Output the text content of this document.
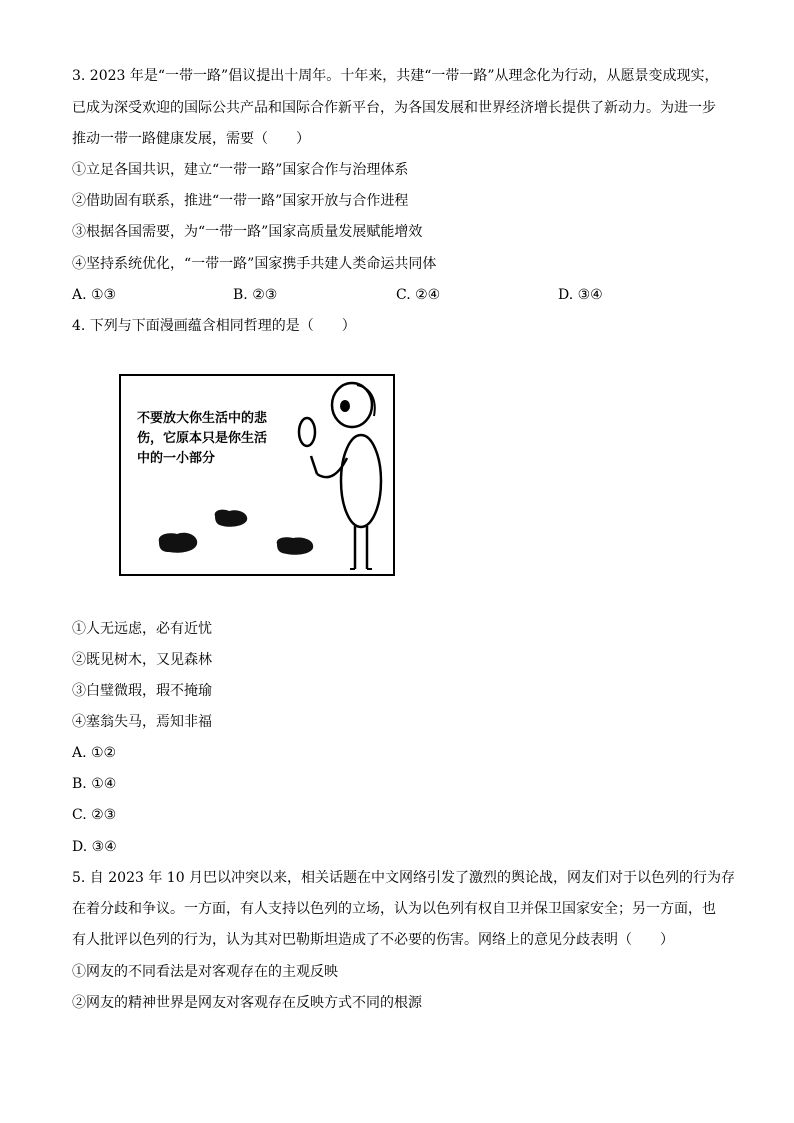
3. 2023 年是“一带一路”倡议提出十周年。十年来，共建“一带一路”从理念化为行动，从愿景变成现实，
已成为深受欢迎的国际公共产品和国际合作新平台，为各国发展和世界经济增长提供了新动力。为进一步
推动一带一路健康发展，需要（　　）
①立足各国共识，建立“一带一路”国家合作与治理体系
②借助固有联系，推进“一带一路”国家开放与合作进程
③根据各国需要，为“一带一路”国家高质量发展赋能增效
④坚持系统优化，“一带一路”国家携手共建人类命运共同体
A. ①③	B. ②③	C. ②④	D. ③④
4. 下列与下面漫画蕴含相同哲理的是（　　）
不要放大你生活中的悲
伤，它原本只是你生活
中的一小部分
①人无远虑，必有近忧
②既见树木，又见森林
③白璧微瑕，瑕不掩瑜
④塞翁失马，焉知非福
A. ①②
B. ①④
C. ②③
D. ③④
5. 自 2023 年 10 月巴以冲突以来，相关话题在中文网络引发了激烈的舆论战，网友们对于以色列的行为存
在着分歧和争议。一方面，有人支持以色列的立场，认为以色列有权自卫并保卫国家安全；另一方面，也
有人批评以色列的行为，认为其对巴勒斯坦造成了不必要的伤害。网络上的意见分歧表明（　　）
①网友的不同看法是对客观存在的主观反映
②网友的精神世界是网友对客观存在反映方式不同的根源
